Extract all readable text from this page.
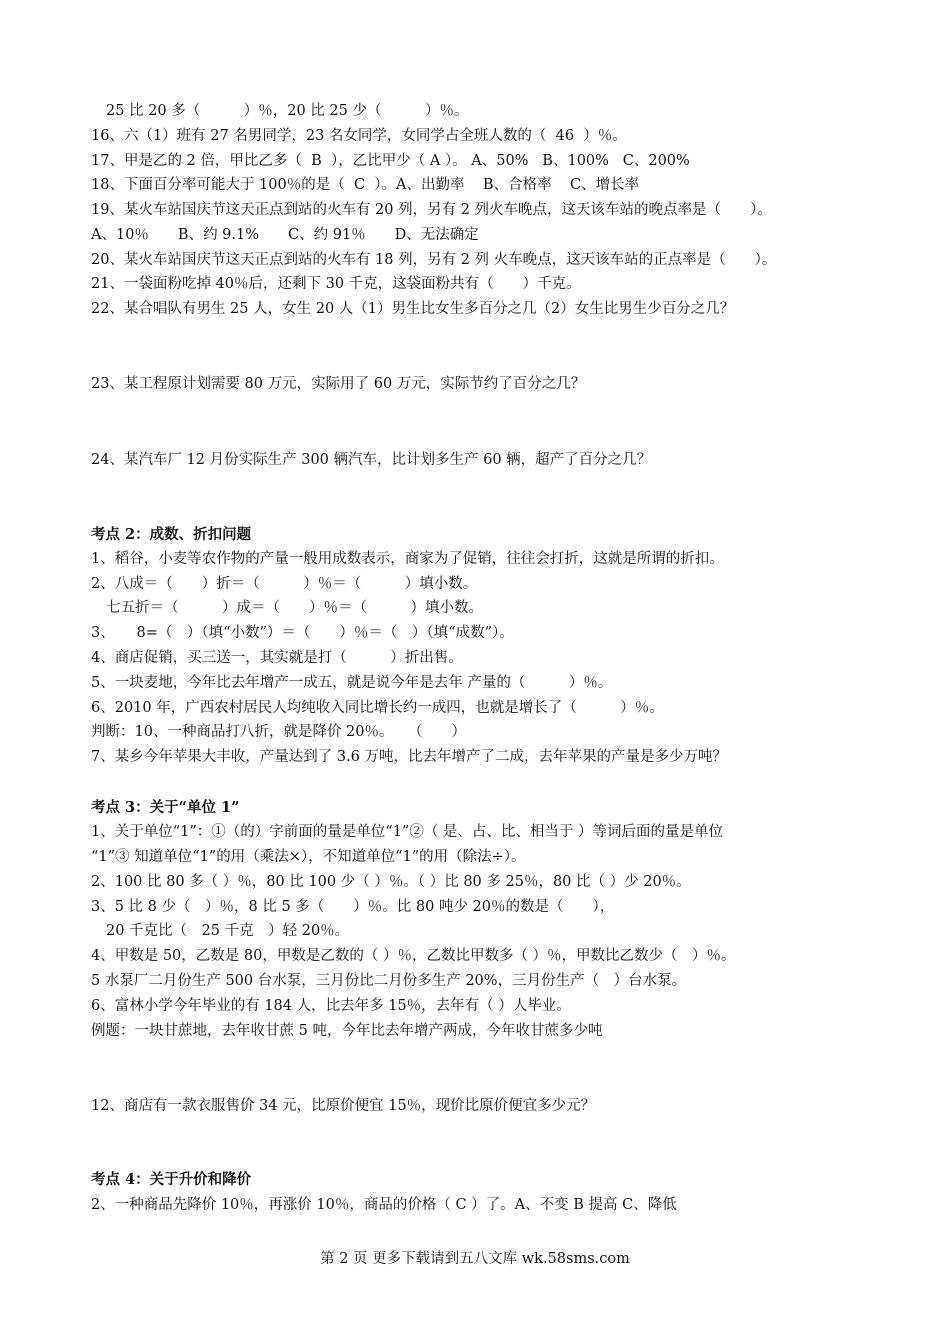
25 比 20 多（　　　）％，20 比 25 少（　　　）％。
16、六（1）班有 27 名男同学，23 名女同学，女同学占全班人数的（  46  ）％。
17、甲是乙的 2 倍，甲比乙多（  B  ），乙比甲少（ A ）。 A、50%   B、100%   C、200%
18、下面百分率可能大于 100％的是（  C  ）。A、出勤率    B、合格率    C、增长率
19、某火车站国庆节这天正点到站的火车有 20 列，另有 2 列火车晚点，这天该车站的晚点率是（　　）。
A、10％　　B、约 9.1%　　C、约 91％　　D、无法确定
20、某火车站国庆节这天正点到站的火车有 18 列，另有 2 列 火车晚点，这天该车站的正点率是（　　）。
21、一袋面粉吃掉 40％后，还剩下 30 千克，这袋面粉共有（　　）千克。
22、某合唱队有男生 25 人，女生 20 人（1）男生比女生多百分之几（2）女生比男生少百分之几？
23、某工程原计划需要 80 万元，实际用了 60 万元，实际节约了百分之几？
24、某汽车厂 12 月份实际生产 300 辆汽车，比计划多生产 60 辆，超产了百分之几？
考点 2：成数、折扣问题
1、稻谷，小麦等农作物的产量一般用成数表示，商家为了促销，往往会打折，这就是所谓的折扣。
2、八成＝（　　）折＝（　　　）％＝（　　　）填小数。
七五折＝（　　　）成＝（　　）％＝（　　　）填小数。
3、　　8=（　）（填“小数”）＝（　　）％＝（　）（填“成数”）。
4、商店促销，买三送一，其实就是打（　　　）折出售。
5、一块麦地，今年比去年增产一成五，就是说今年是去年 产量的（　　　）％。
6、2010 年，广西农村居民人均纯收入同比增长约一成四，也就是增长了（　　　）％。
判断：10、一种商品打八折，就是降价 20％。　　（　　）
7、某乡今年苹果大丰收，产量达到了 3.6 万吨，比去年增产了二成，去年苹果的产量是多少万吨？
考点 3：关于“单位 1”
1、关于单位“1”：①（的）字前面的量是单位“1”②（ 是、占、比、相当于 ）等词后面的量是单位
“1”③ 知道单位“1”的用（乘法×），不知道单位“1”的用（除法÷）。
2、100 比 80 多（ ）％，80 比 100 少（ ）％。（ ）比 80 多 25％，80 比（ ）少 20％。
3、5 比 8 少（　）％，8 比 5 多（　　）％。比 80 吨少 20％的数是（　　），
20 千克比（　25 千克　）轻 20％。
4、甲数是 50，乙数是 80，甲数是乙数的（ ）％，乙数比甲数多（ ）％，甲数比乙数少（　）％。
5 水泵厂二月份生产 500 台水泵，三月份比二月份多生产 20%，三月份生产（　）台水泵。
6、富林小学今年毕业的有 184 人，比去年多 15％，去年有（ ）人毕业。
例题：一块甘蔗地，去年收甘蔗 5 吨，今年比去年增产两成，今年收甘蔗多少吨
12、商店有一款衣服售价 34 元，比原价便宜 15％，现价比原价便宜多少元？
考点 4：关于升价和降价
2、一种商品先降价 10％，再涨价 10％，商品的价格（ C ）了。A、不变 B 提高 C、降低
第 2 页 更多下载请到五八文库 wk.58sms.com
